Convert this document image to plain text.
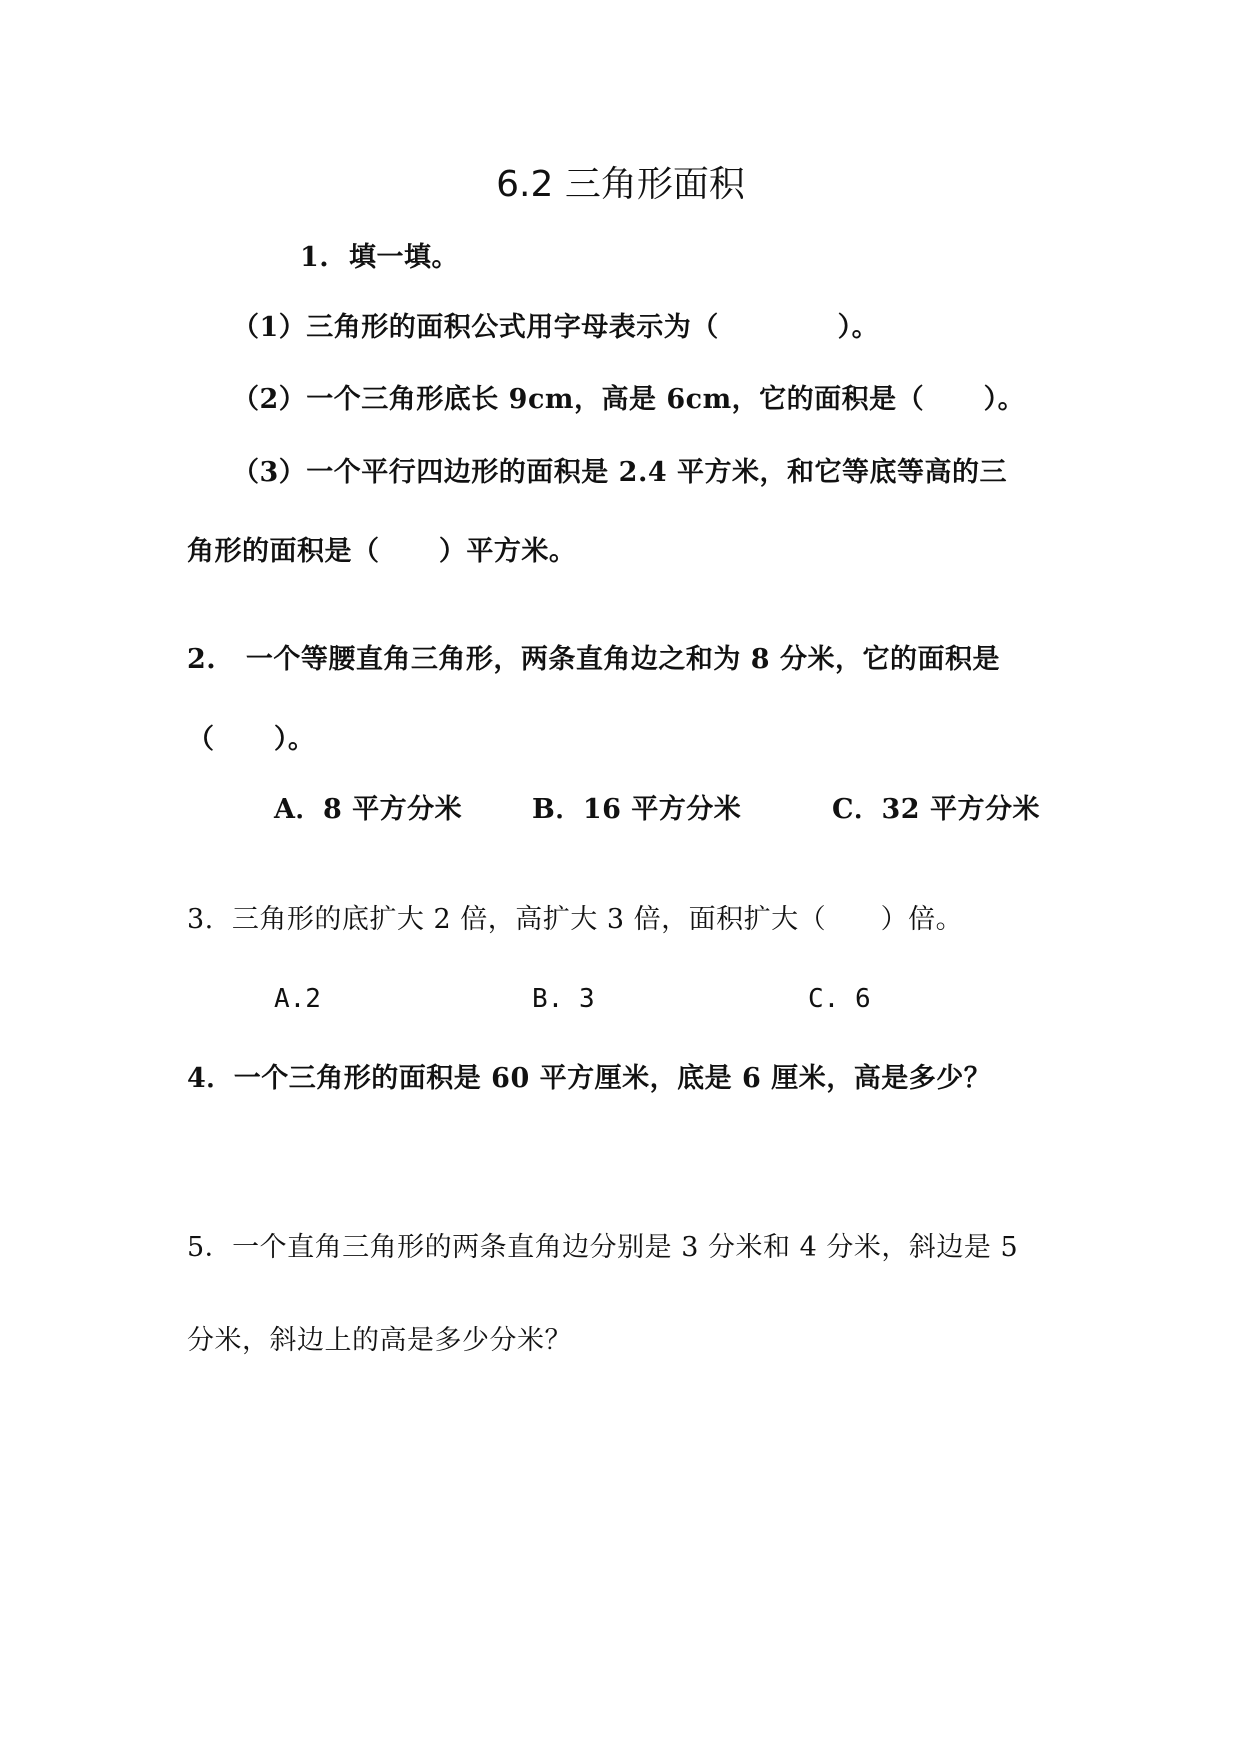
6.2 三角形面积
1.  填一填。
（1）三角形的面积公式用字母表示为（            ）。
（2）一个三角形底长 9cm，高是 6cm，它的面积是（      ）。
（3）一个平行四边形的面积是 2.4 平方米，和它等底等高的三
角形的面积是（      ）平方米。
2.   一个等腰直角三角形，两条直角边之和为 8 分米，它的面积是
（      ）。
A．8 平方分米	B．16 平方分米	C．32 平方分米
3.  三角形的底扩大 2 倍，高扩大 3 倍，面积扩大（      ）倍。
A.2	B. 3	C. 6
4．一个三角形的面积是 60 平方厘米，底是 6 厘米，高是多少？
5．一个直角三角形的两条直角边分别是 3 分米和 4 分米，斜边是 5
分米，斜边上的高是多少分米？
